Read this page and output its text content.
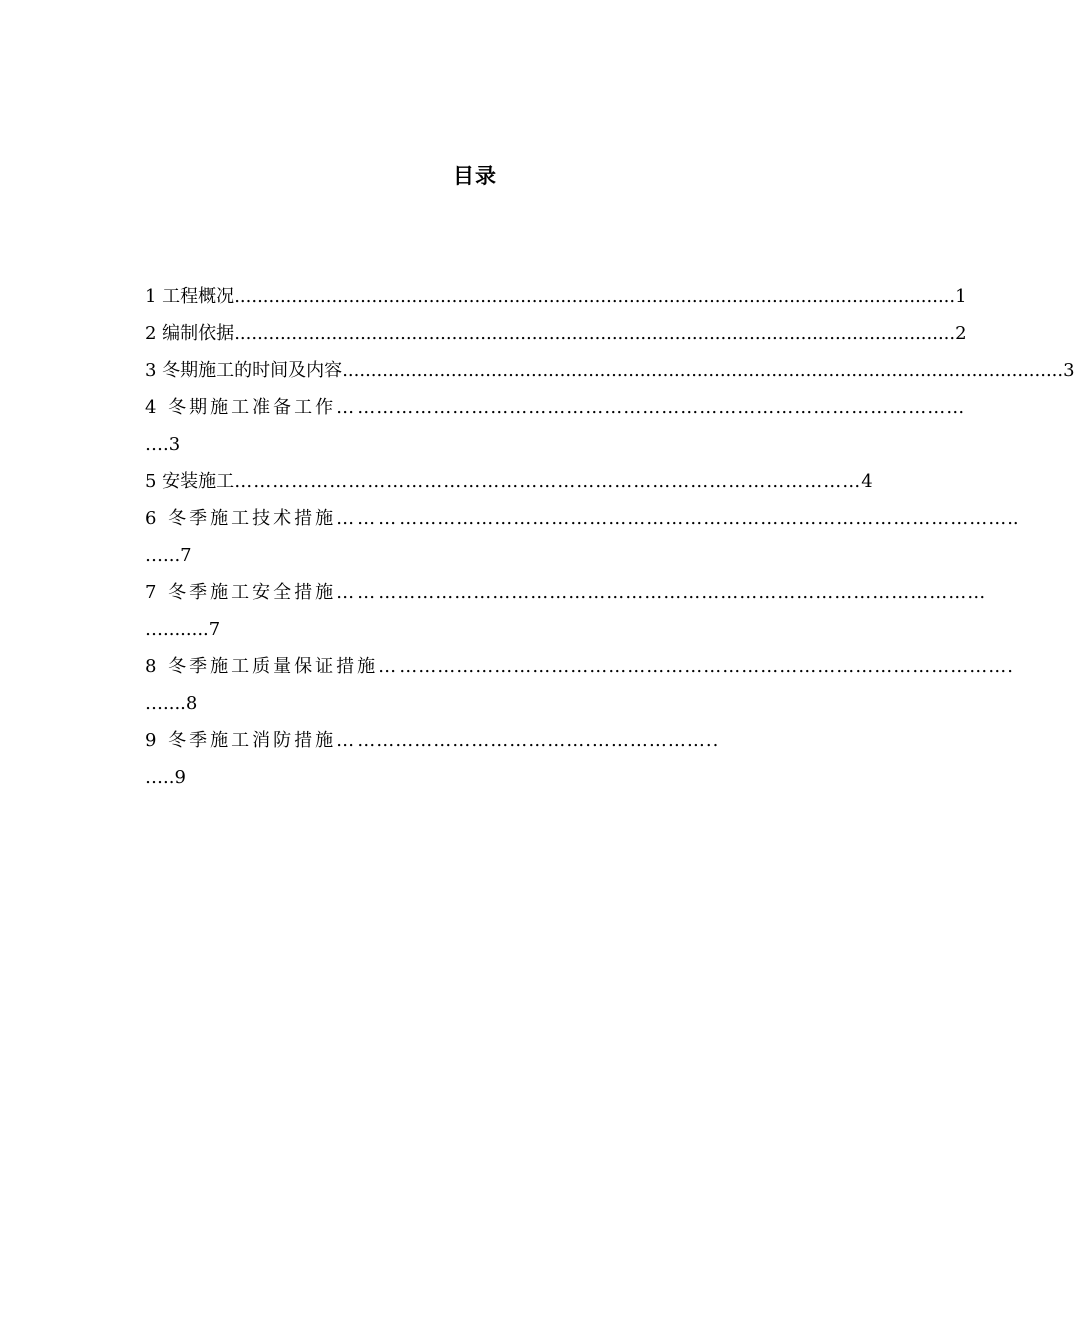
目录
1 工程概况 .............................................................................................................................. 1
2 编制依据 .............................................................................................................................. 2
3 冬期施工的时间及内容 .............................................................................................................................. 3
4 冬期施工准备工作… ……………………………………………………………………………………
….3
5 安装施工 ……………………………………………………………………………………… 4
6 冬季施工技术措施……… …………………………………………………………………………………… ..
…...7
7 冬季施工安全措施…… ……………………………………………………………………………………
…........7
8 冬季施工质量保证措施… …………………………………………………………………………………… .
…....8
9 冬季施工消防措施… ……………………………….………………..
…..9
